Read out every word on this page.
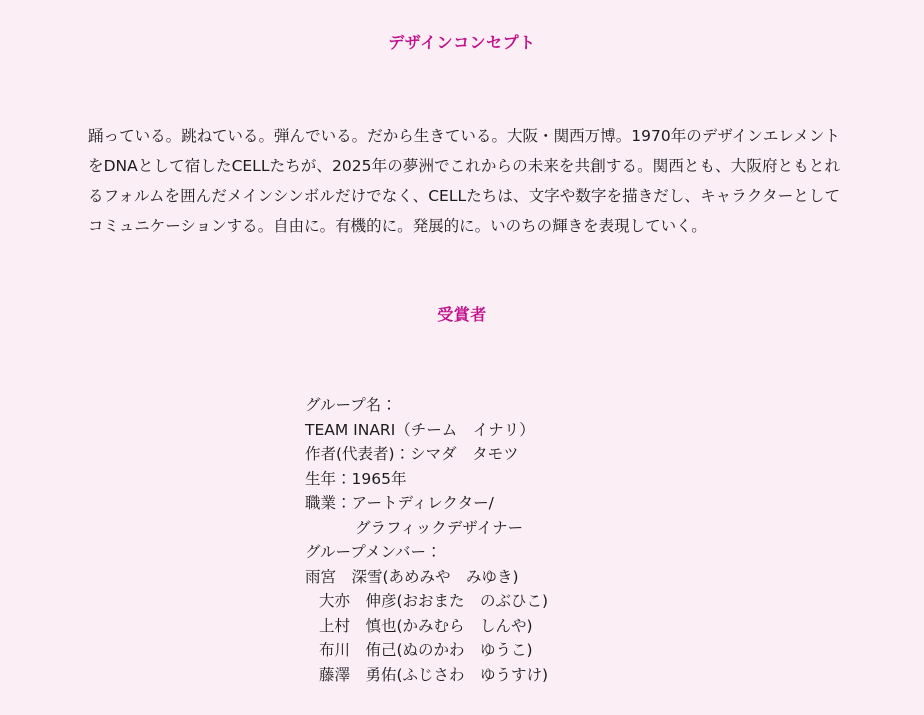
デザインコンセプト
踊っている。跳ねている。弾んでいる。だから生きている。大阪・関西万博。1970年のデザインエレメントをDNAとして宿したCELLたちが、2025年の夢洲でこれからの未来を共創する。関西とも、大阪府ともとれるフォルムを囲んだメインシンボルだけでなく、CELLたちは、文字や数字を描きだし、キャラクターとしてコミュニケーションする。自由に。有機的に。発展的に。いのちの輝きを表現していく。
受賞者
グループ名：
TEAM INARI（チーム　イナリ）
作者(代表者)：シマダ　タモツ
生年：1965年
職業：アートディレクター/
グラフィックデザイナー
グループメンバー：
雨宮　深雪(あめみや　みゆき)
大亦　伸彦(おおまた　のぶひこ)
上村　慎也(かみむら　しんや)
布川　侑己(ぬのかわ　ゆうこ)
藤澤　勇佑(ふじさわ　ゆうすけ)
